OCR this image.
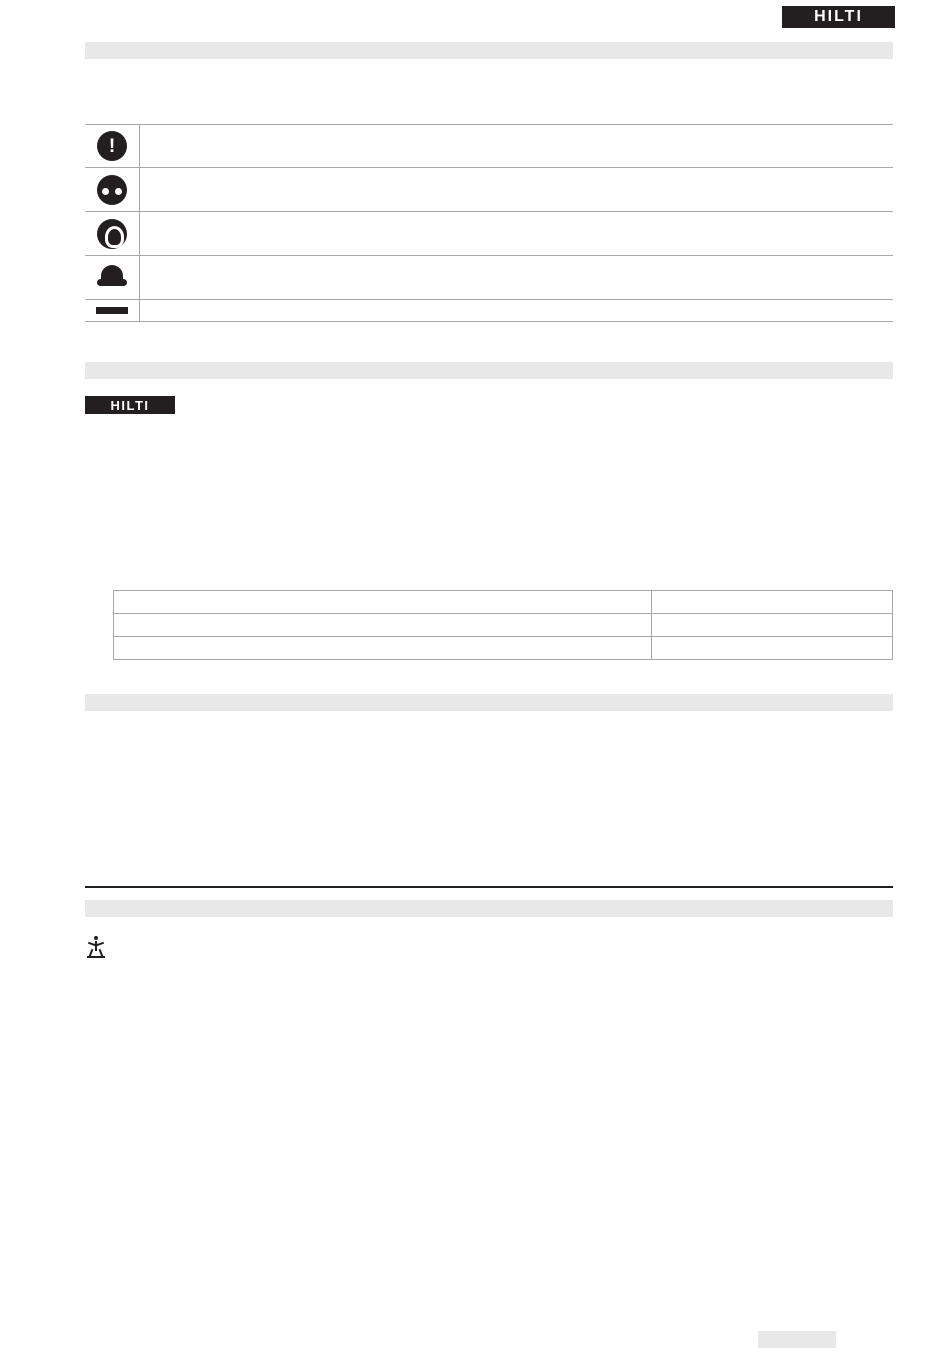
HILTI
!
HILTI
